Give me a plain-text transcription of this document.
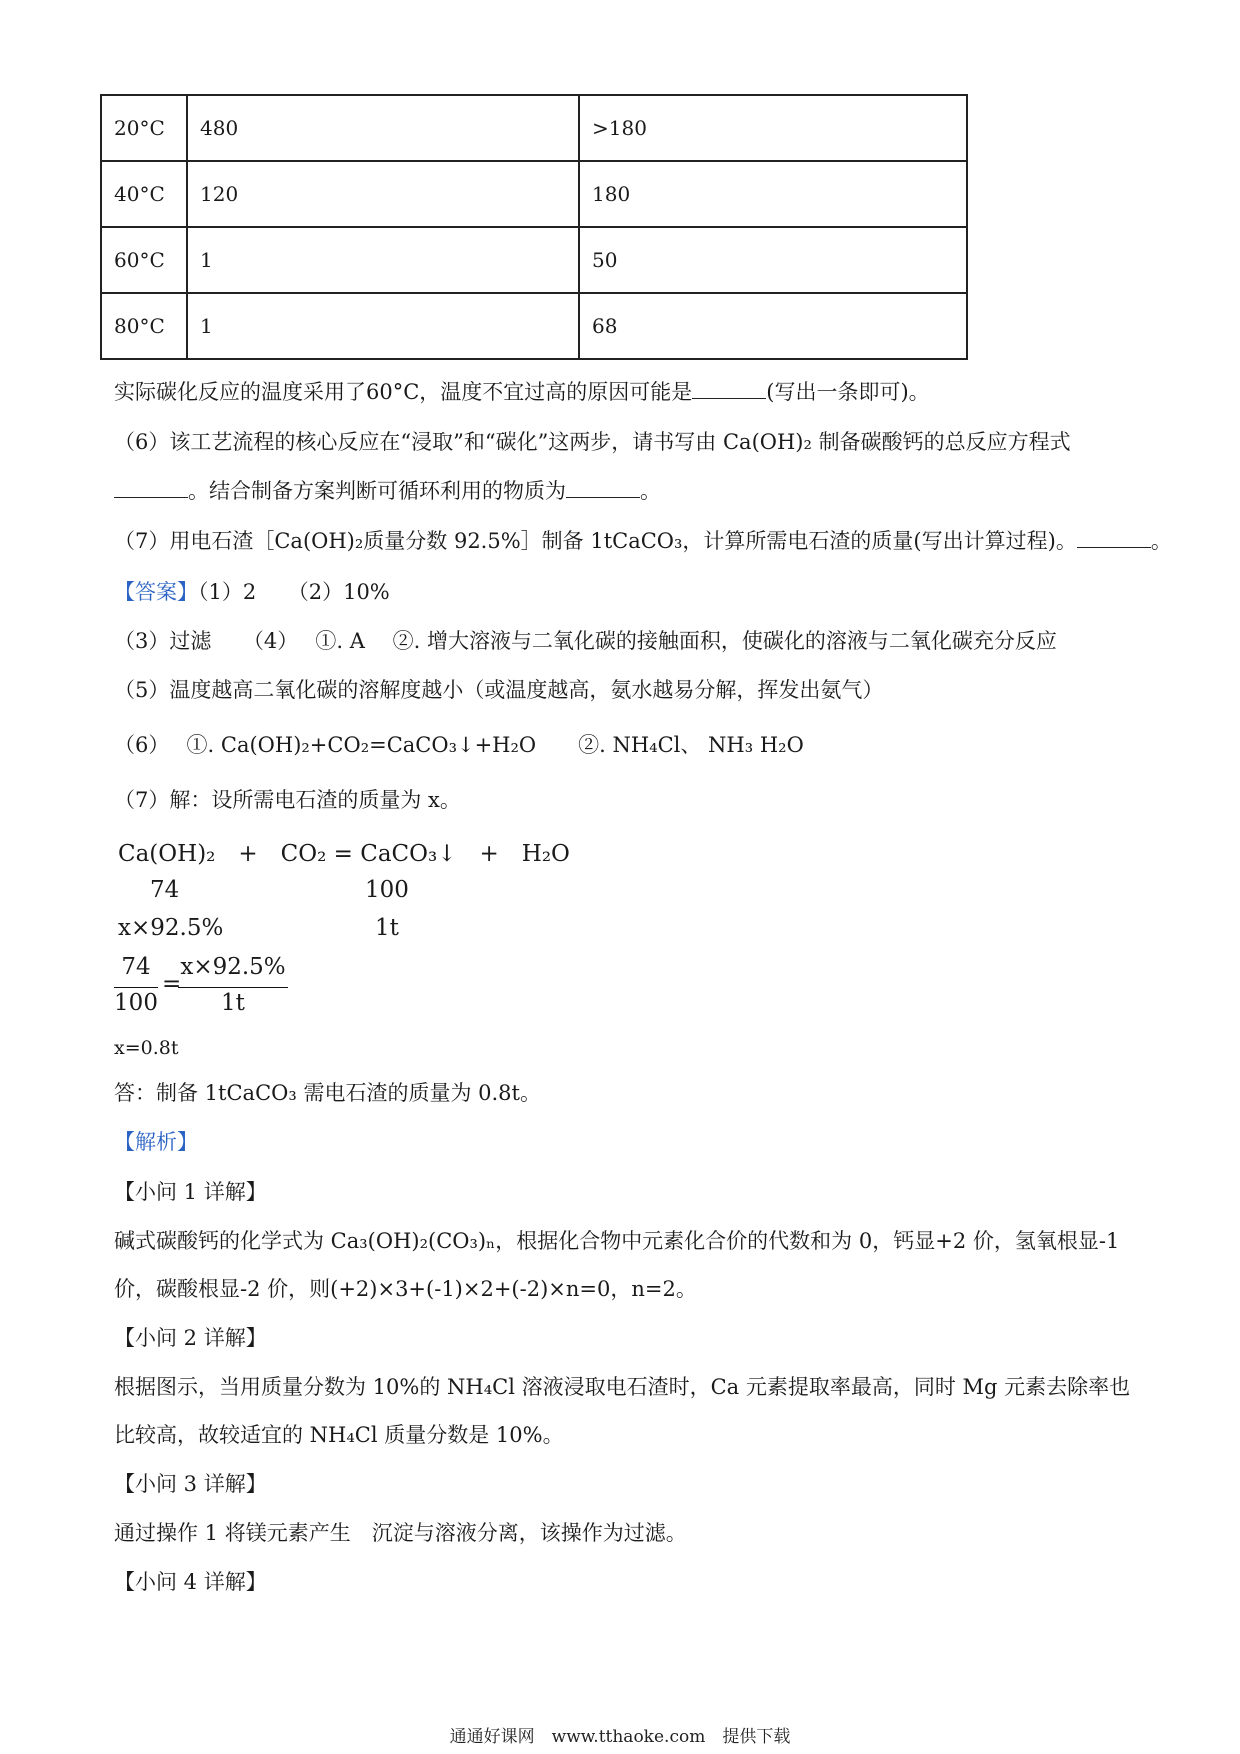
20°C	480	>180
40°C	120	180
60°C	1	50
80°C	1	68
实际碳化反应的温度采用了60°C，温度不宜过高的原因可能是	(写出一条即可)。
（6）该工艺流程的核心反应在“浸取”和“碳化”这两步，请书写由 Ca(OH)₂ 制备碳酸钙的总反应方程式
。结合制备方案判断可循环利用的物质为	。
（7）用电石渣［Ca(OH)₂质量分数 92.5%］制备 1tCaCO₃，计算所需电石渣的质量(写出计算过程)。	。
【答案】（1）2　　（2）10%
（3）过滤　　（4）　 ①. A　 ②. 增大溶液与二氧化碳的接触面积，使碳化的溶液与二氧化碳充分反应
（5）温度越高二氧化碳的溶解度越小（或温度越高，氨水越易分解，挥发出氨气）
（6）　 ①. Ca(OH)₂+CO₂=CaCO₃↓+H₂O　　②. NH₄Cl、 NH₃ H₂O
（7）解：设所需电石渣的质量为 x。
Ca(OH)₂　+　CO₂ = CaCO₃↓　+　H₂O
74	100
x×92.5%	1t
74
100
=
x×92.5%
1t
x=0.8t
答：制备 1tCaCO₃ 需电石渣的质量为 0.8t。
【解析】
【小问 1 详解】
碱式碳酸钙的化学式为 Ca₃(OH)₂(CO₃)ₙ，根据化合物中元素化合价的代数和为 0，钙显+2 价，氢氧根显-1
价，碳酸根显-2 价，则(+2)×3+(-1)×2+(-2)×n=0，n=2。
【小问 2 详解】
根据图示，当用质量分数为 10%的 NH₄Cl 溶液浸取电石渣时，Ca 元素提取率最高，同时 Mg 元素去除率也
比较高，故较适宜的 NH₄Cl 质量分数是 10%。
【小问 3 详解】
通过操作 1 将镁元素产生　沉淀与溶液分离，该操作为过滤。
【小问 4 详解】
通通好课网　www.tthaoke.com　提供下载
